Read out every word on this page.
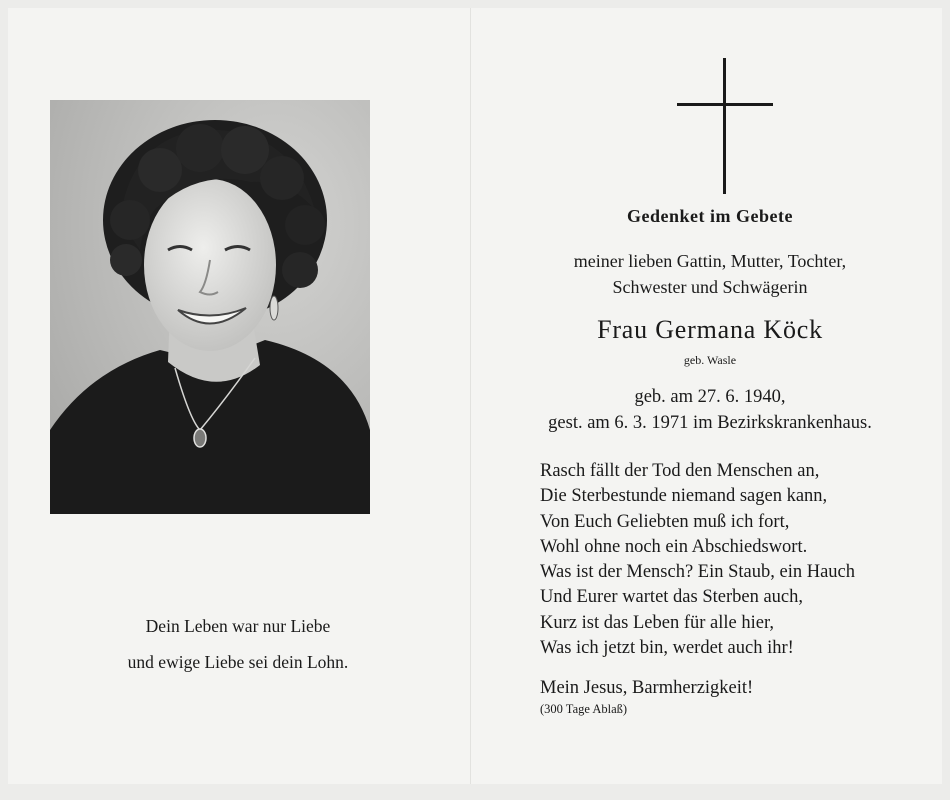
Dein Leben war nur Liebe
und ewige Liebe sei dein Lohn.
Gedenket im Gebete
meiner lieben Gattin, Mutter, Tochter,
Schwester und Schwägerin
Frau Germana Köck
geb. Wasle
geb. am 27. 6. 1940,
gest. am 6. 3. 1971 im Bezirkskrankenhaus.
Rasch fällt der Tod den Menschen an,
Die Sterbestunde niemand sagen kann,
Von Euch Geliebten muß ich fort,
Wohl ohne noch ein Abschiedswort.
Was ist der Mensch? Ein Staub, ein Hauch
Und Eurer wartet das Sterben auch,
Kurz ist das Leben für alle hier,
Was ich jetzt bin, werdet auch ihr!
Mein Jesus, Barmherzigkeit!
(300 Tage Ablaß)
